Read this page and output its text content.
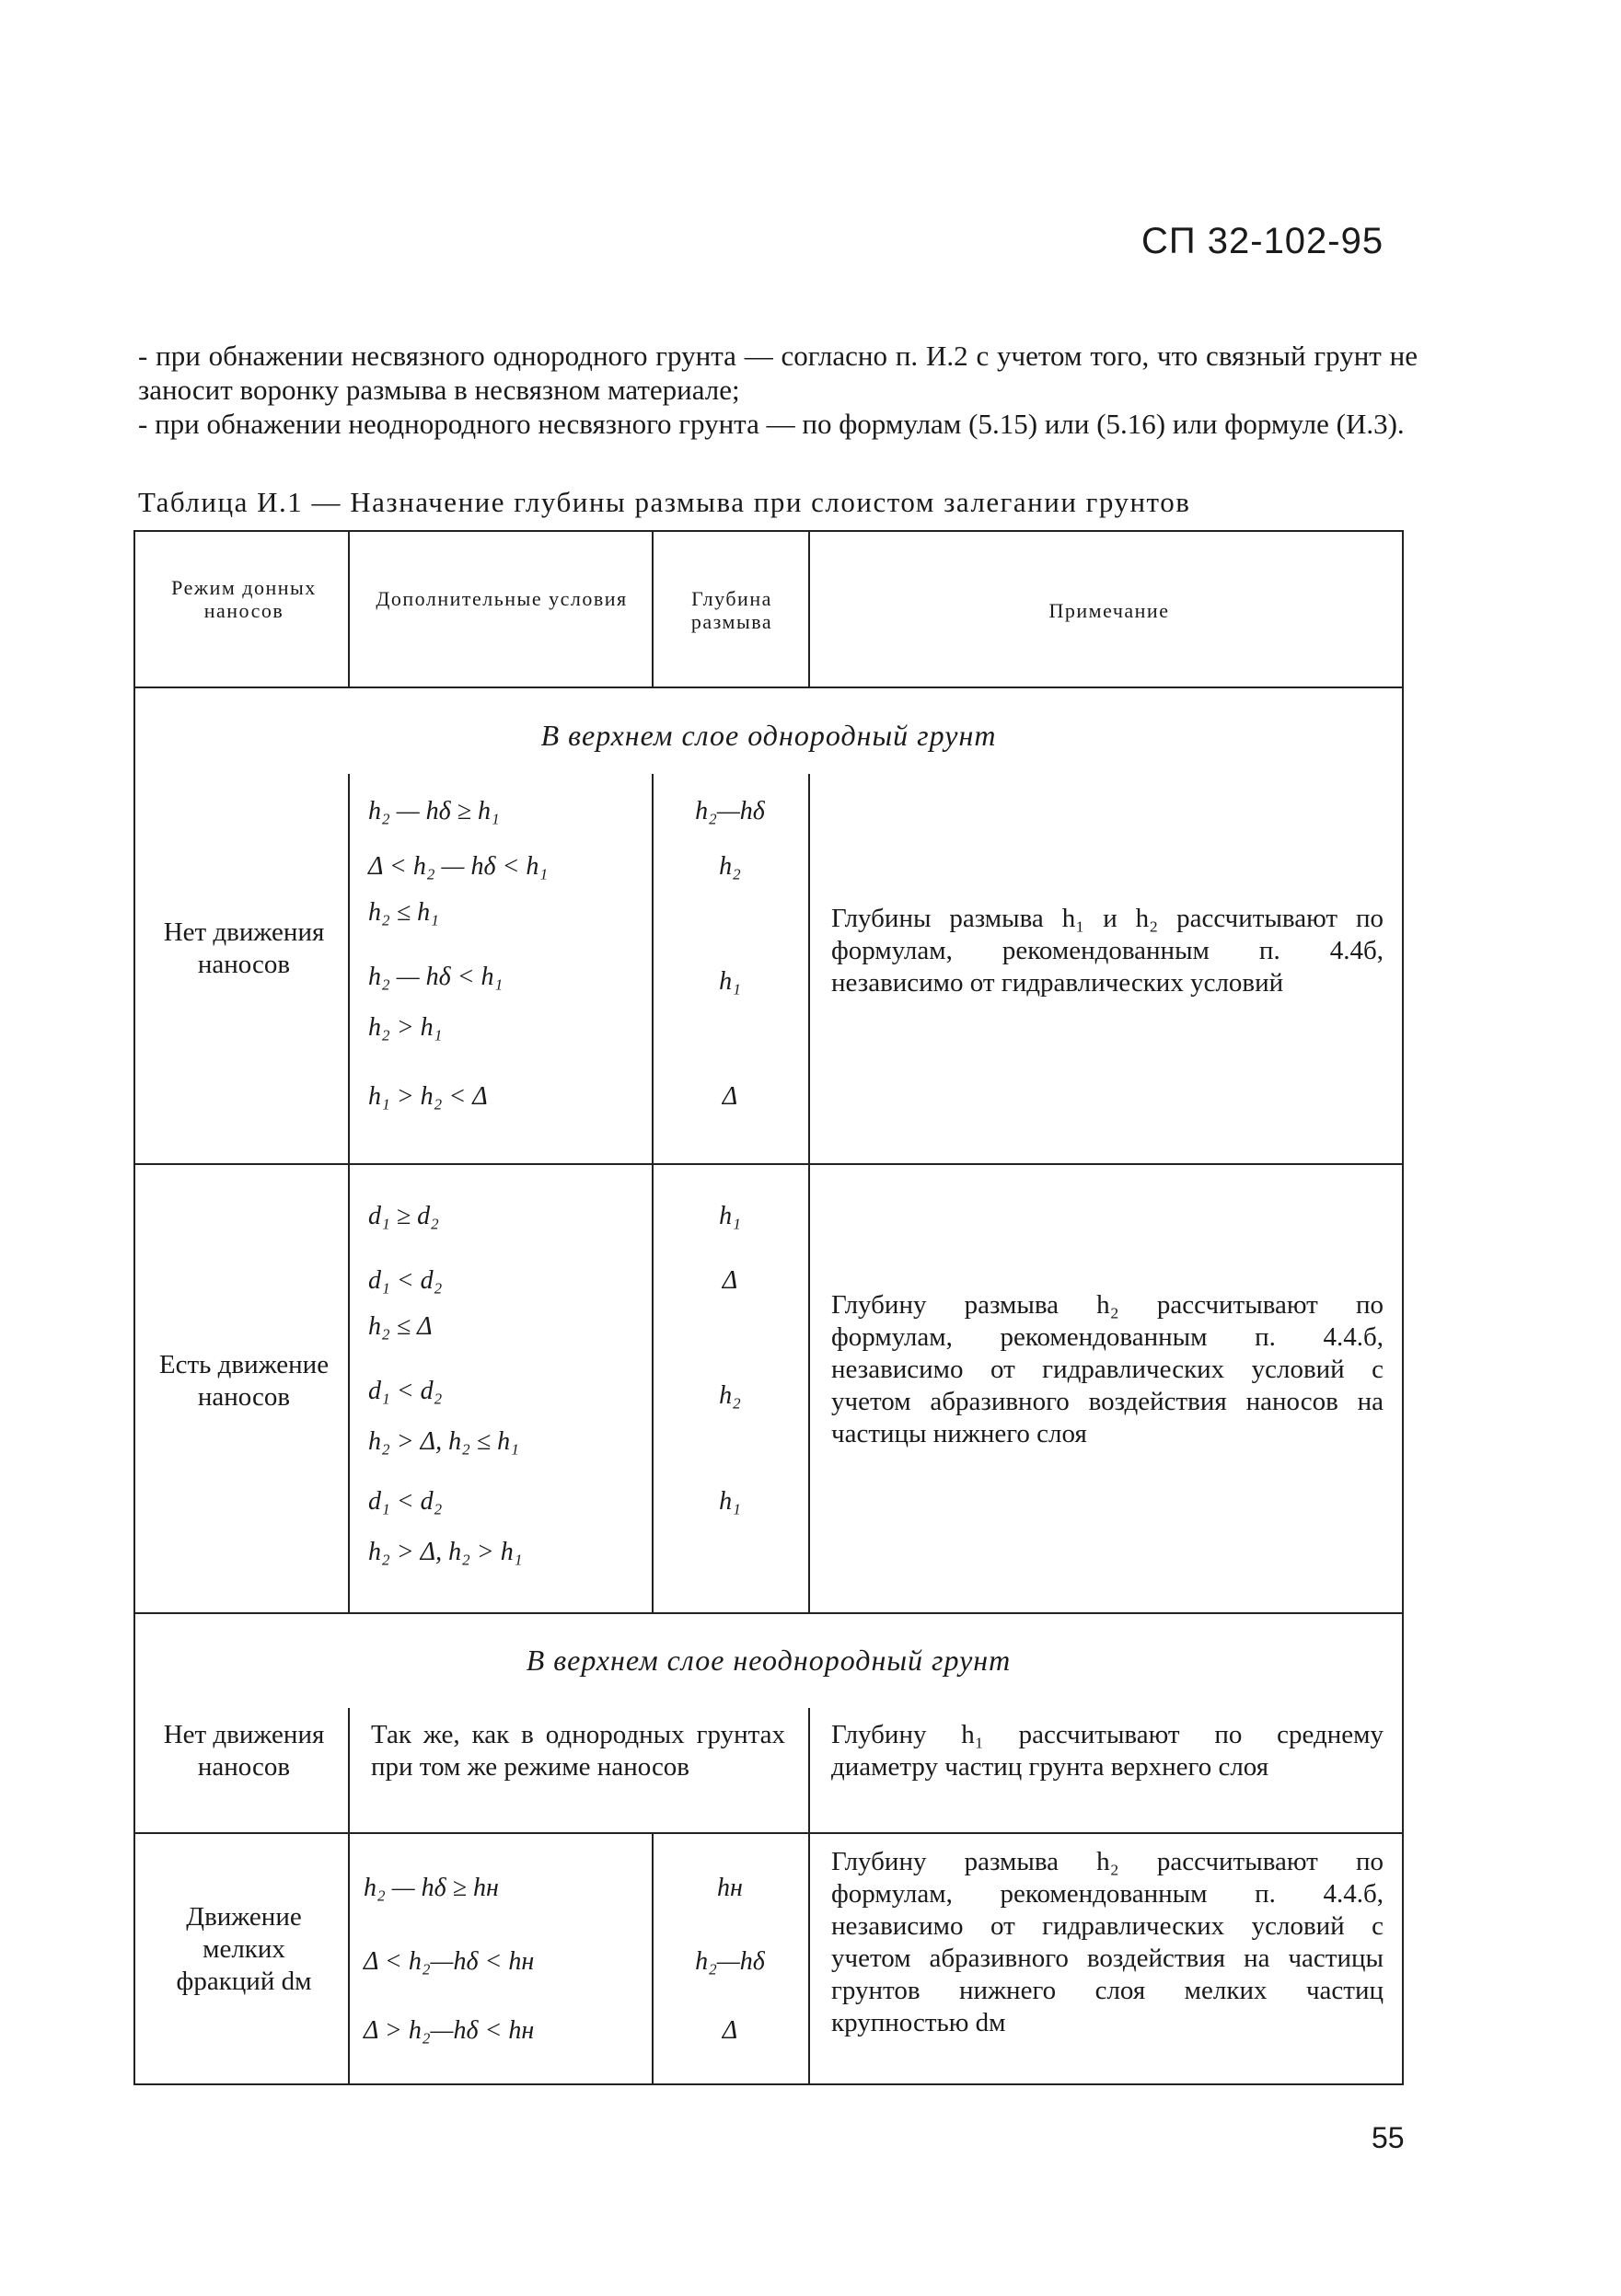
СП 32-102-95

- при обнажении несвязного однородного грунта — согласно п. И.2 с учетом того, что связный грунт не заносит воронку размыва в несвязном материале;

- при обнажении неоднородного несвязного грунта — по формулам (5.15) или (5.16) или формуле (И.3).

Таблица И.1 — Назначение глубины размыва при слоистом залегании грунтов
Режим донных наносов
Дополнительные условия	Глубина размыва	Примечание
В верхнем слое однородный грунт
Нет движения наносов
h₂ — hδ ≥ h₁
Δ < h₂ — hδ < h₁
h₂ ≤ h₁
h₂ — hδ < h₁
h₂ > h₁
h₁ > h₂ < Δ
h₂—hδ
h₂
h₁
Δ
Глубины размыва h₁ и h₂ рассчитывают по формулам, рекомендованным п. 4.4б, независимо от гидравлических условий
Есть движение наносов
d₁ ≥ d₂
d₁ < d₂
h₂ ≤ Δ
d₁ < d₂
h₂ > Δ, h₂ ≤ h₁
d₁ < d₂
h₂ > Δ, h₂ > h₁
h₁
Δ
h₂
h₁
Глубину размыва h₂ рассчитывают по формулам, рекомендованным п. 4.4.б, независимо от гидравлических условий с учетом абразивного воздействия наносов на частицы нижнего слоя
В верхнем слое неоднородный грунт
Нет движения наносов
Так же, как в однородных грунтах при том же режиме наносов
Глубину h₁ рассчитывают по среднему диаметру частиц грунта верхнего слоя
Движение мелких фракций dм
h₂ — hδ ≥ hн
Δ < h₂—hδ < hн
Δ > h₂—hδ < hн
hн
h₂—hδ
Δ
Глубину размыва h₂ рассчитывают по формулам, рекомендованным п. 4.4.б, независимо от гидравлических условий с учетом абразивного воздействия на частицы грунтов нижнего слоя мелких частиц крупностью dм
55
